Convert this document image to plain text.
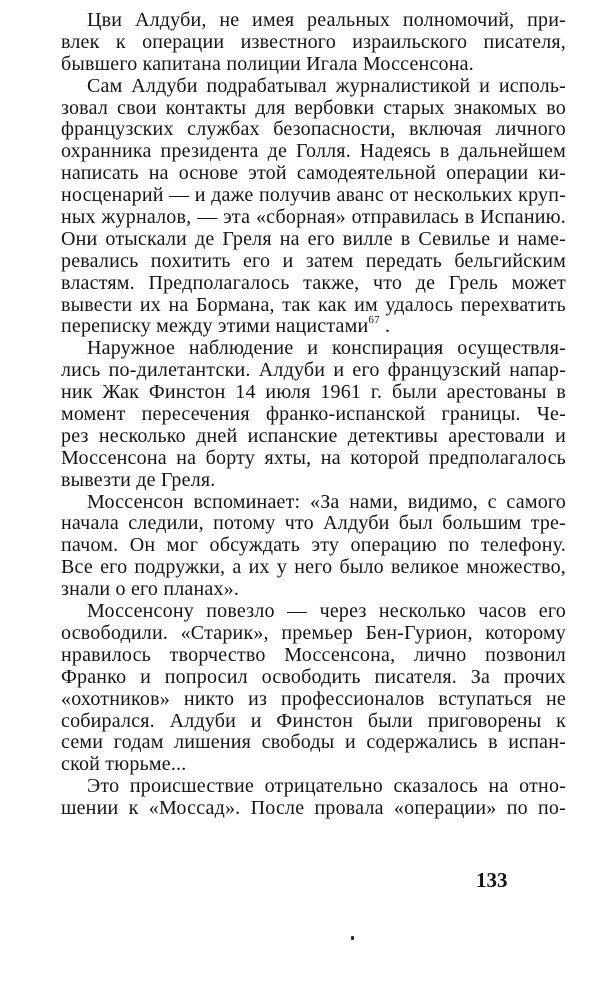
Цви Алдуби, не имея реальных полномочий, при-
влек к операции известного израильского писателя,
бывшего капитана полиции Игала Моссенсона.
Сам Алдуби подрабатывал журналистикой и исполь-
зовал свои контакты для вербовки старых знакомых во
французских службах безопасности, включая личного
охранника президента де Голля. Надеясь в дальнейшем
написать на основе этой самодеятельной операции ки-
носценарий — и даже получив аванс от нескольких круп-
ных журналов, — эта «сборная» отправилась в Испанию.
Они отыскали де Греля на его вилле в Севилье и наме-
ревались похитить его и затем передать бельгийским
властям. Предполагалось также, что де Грель может
вывести их на Бормана, так как им удалось перехватить
переписку между этими нацистами$^{67}$ .
Наружное наблюдение и конспирация осуществля-
лись по-дилетантски. Алдуби и его французский напар-
ник Жак Финстон 14 июля 1961 г. были арестованы в
момент пересечения франко-испанской границы. Че-
рез несколько дней испанские детективы арестовали и
Моссенсона на борту яхты, на которой предполагалось
вывезти де Греля.
Моссенсон вспоминает: «За нами, видимо, с самого
начала следили, потому что Алдуби был большим тре-
пачом. Он мог обсуждать эту операцию по телефону.
Все его подружки, а их у него было великое множество,
знали о его планах».
Моссенсону повезло — через несколько часов его
освободили. «Старик», премьер Бен-Гурион, которому
нравилось творчество Моссенсона, лично позвонил
Франко и попросил освободить писателя. За прочих
«охотников» никто из профессионалов вступаться не
собирался. Алдуби и Финстон были приговорены к
семи годам лишения свободы и содержались в испан-
ской тюрьме...
Это происшествие отрицательно сказалось на отно-
шении к «Моссад». После провала «операции» по по-
133
